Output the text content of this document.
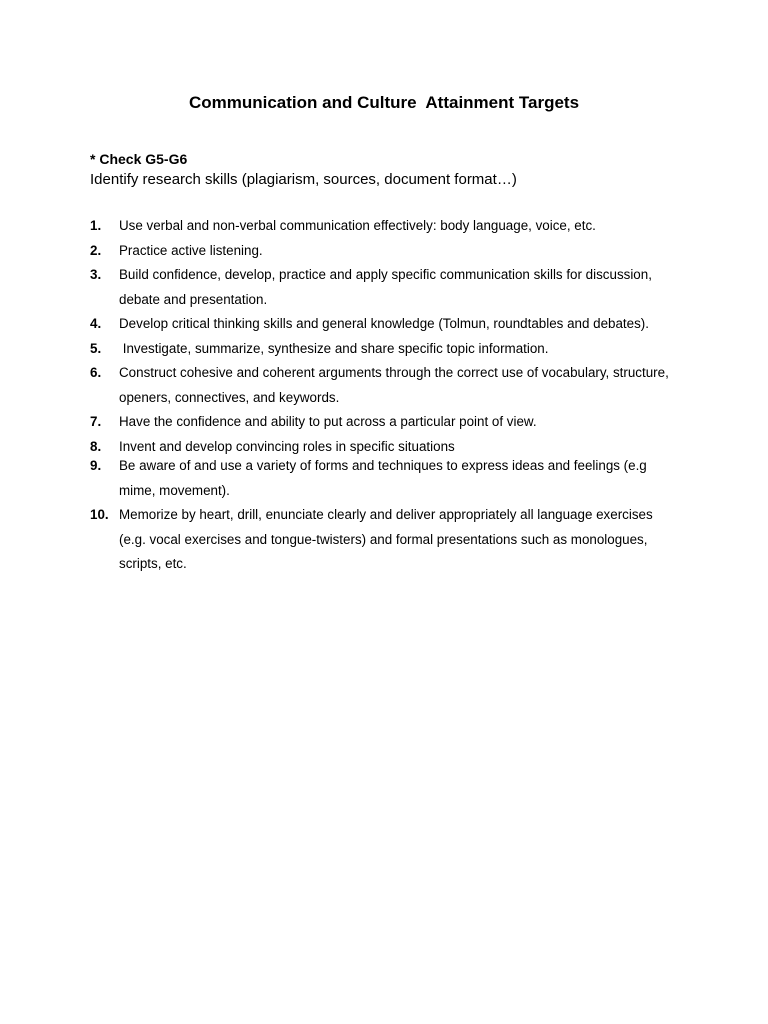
Communication and Culture  Attainment Targets
* Check G5-G6
Identify research skills (plagiarism, sources, document format…)
1. Use verbal and non-verbal communication effectively: body language, voice, etc.
2. Practice active listening.
3. Build confidence, develop, practice and apply specific communication skills for discussion, debate and presentation.
4. Develop critical thinking skills and general knowledge (Tolmun, roundtables and debates).
5. Investigate, summarize, synthesize and share specific topic information.
6. Construct cohesive and coherent arguments through the correct use of vocabulary, structure, openers, connectives, and keywords.
7. Have the confidence and ability to put across a particular point of view.
8. Invent and develop convincing roles in specific situations
9. Be aware of and use a variety of forms and techniques to express ideas and feelings (e.g mime, movement).
10. Memorize by heart, drill, enunciate clearly and deliver appropriately all language exercises (e.g. vocal exercises and tongue-twisters) and formal presentations such as monologues, scripts, etc.
